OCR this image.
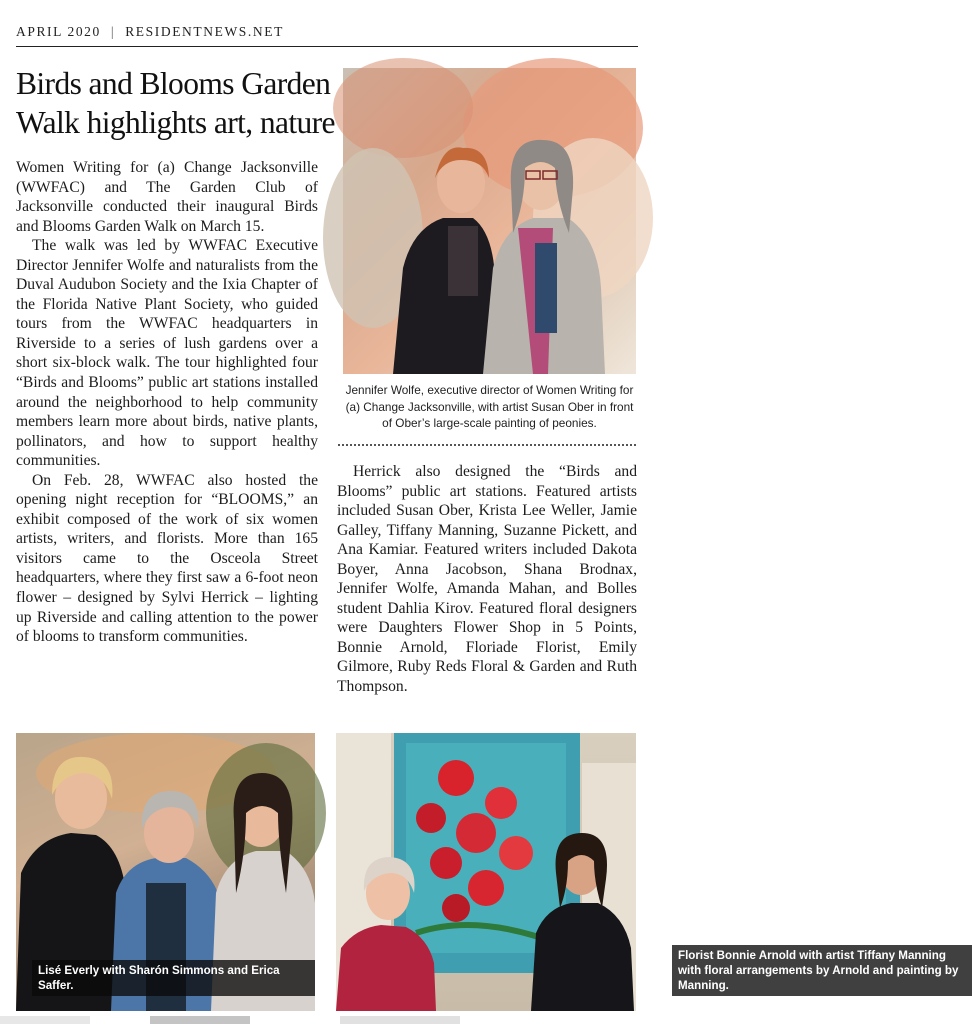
APRIL 2020 | RESIDENTNEWS.NET
Birds and Blooms Garden Walk highlights art, nature

Women Writing for (a) Change Jacksonville (WWFAC) and The Garden Club of Jacksonville conducted their inaugural Birds and Blooms Garden Walk on March 15.

The walk was led by WWFAC Executive Director Jennifer Wolfe and naturalists from the Duval Audubon Society and the Ixia Chapter of the Florida Native Plant Society, who guided tours from the WWFAC headquarters in Riverside to a series of lush gardens over a short six-block walk. The tour highlighted four “Birds and Blooms” public art stations installed around the neighborhood to help community members learn more about birds, native plants, pollinators, and how to support healthy communities.

On Feb. 28, WWFAC also hosted the opening night reception for “BLOOMS,” an exhibit composed of the work of six women artists, writers, and florists. More than 165 visitors came to the Osceola Street headquarters, where they first saw a 6-foot neon flower – designed by Sylvi Herrick – lighting up Riverside and calling attention to the power of blooms to transform communities.

Jennifer Wolfe, executive director of Women Writing for (a) Change Jacksonville, with artist Susan Ober in front of Ober’s large-scale painting of peonies.

Herrick also designed the “Birds and Blooms” public art stations. Featured artists included Susan Ober, Krista Lee Weller, Jamie Galley, Tiffany Manning, Suzanne Pickett, and Ana Kamiar. Featured writers included Dakota Boyer, Anna Jacobson, Shana Brodnax, Jennifer Wolfe, Amanda Mahan, and Bolles student Dahlia Kirov. Featured floral designers were Daughters Flower Shop in 5 Points, Bonnie Arnold, Floriade Florist, Emily Gilmore, Ruby Reds Floral & Garden and Ruth Thompson.

Lisé Everly with Sharón Simmons and Erica Saffer.
Florist Bonnie Arnold with artist Tiffany Manning with floral arrangements by Arnold and painting by Manning.
